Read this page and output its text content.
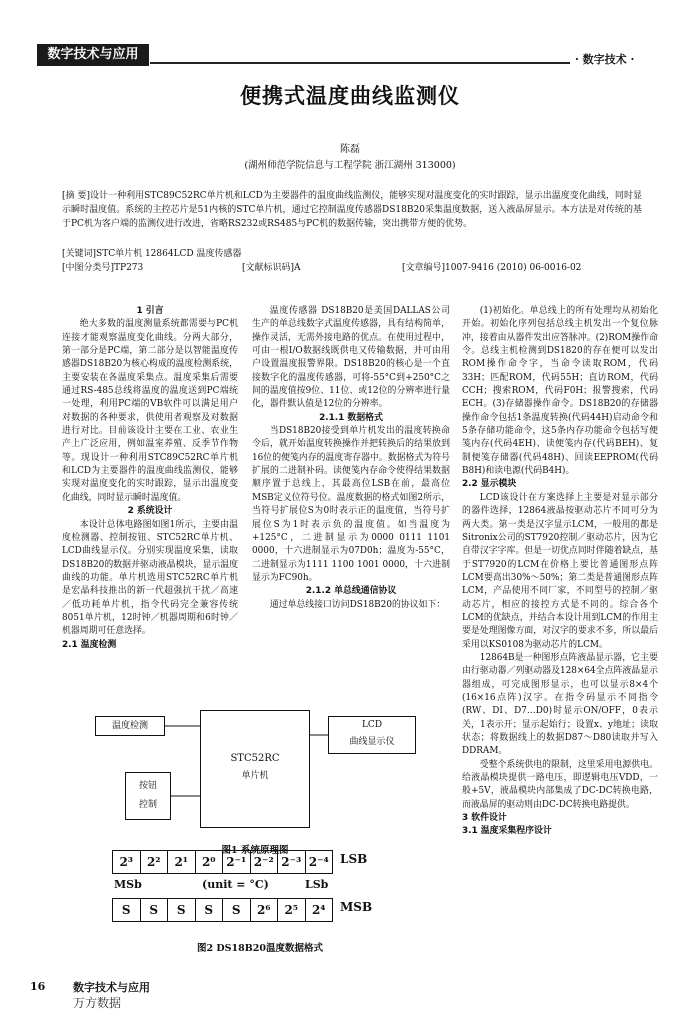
数字技术与应用	· 数字技术 ·
便携式温度曲线监测仪
陈磊
(湖州师范学院信息与工程学院 浙江湖州 313000)
[摘 要]设计一种利用STC89C52RC单片机和LCD为主要器件的温度曲线监测仪，能够实现对温度变化的实时跟踪，显示出温度变化曲线，同时显示瞬时温度值。系统的主控芯片是51内核的STC单片机，通过它控制温度传感器DS18B20采集温度数据，送入液晶屏显示。本方法是对传统的基于PC机为客户端的监测仪进行改进，省略RS232或RS485与PC机的数据传输，突出携带方便的优势。
[关键词]STC单片机 12864LCD 温度传感器
[中图分类号]TP273	[文献标识码]A	[文章编号]1007-9416 (2010) 06-0016-02

1 引言

绝大多数的温度测量系统都需要与PC机连接才能观察温度变化曲线。分两大部分，第一部分是PC端，第二部分是以智能温度传感器DS18B20为核心构成的温度检测系统，主要安装在各温度采集点。温度采集后需要通过RS-485总线将温度的温度送到PC端统一处理，利用PC端的VB软件可以满足用户对数据的各种要求，供使用者观察及对数据进行对比。目前该设计主要在工业、农业生产上广泛应用，例如温室养殖、反季节作物等。现设计一种利用STC89C52RC单片机和LCD为主要器件的温度曲线监测仪，能够实现对温度变化的实时跟踪，显示出温度变化曲线，同时显示瞬时温度值。

2 系统设计

本设计总体电路图如图1所示，主要由温度检测器、控制按钮、STC52RC单片机、LCD曲线显示仪。分别实现温度采集，读取DS18B20的数据并驱动液晶模块，显示温度曲线的功能。单片机选用STC52RC单片机是宏晶科技推出的新一代超强抗干扰／高速／低功耗单片机，指令代码完全兼容传统8051单片机，12时钟／机器周期和6时钟／机器周期可任意选择。

2.1 温度检测

温度传感器 DS18B20是美国DALLAS公司生产的单总线数字式温度传感器，具有结构简单，操作灵活，无需外接电路的优点。在使用过程中，可由一根I/O数据线既供电又传输数据，并可由用户设置温度报警界限。DS18B20的核心是一个直接数字化的温度传感器，可将-55°C到+250°C之间的温度值按9位、11位、或12位的分辨率进行量化，器件默认值是12位的分辨率。

2.1.1 数据格式

当DS18B20接受到单片机发出的温度转换命令后，就开始温度转换操作并把转换后的结果放到16位的便笺内存的温度寄存器中。数据格式为符号扩展的二进制补码。读便笺内存命令使得结果数据顺序置于总线上，其最高位LSB在前，最高位MSB定义位符号位。温度数据的格式如图2所示，当符号扩展位S为0时表示正的温度值，当符号扩展位S为1时表示负的温度值。如当温度为+125°C，二进制显示为0000 0111 1101 0000，十六进制显示为07D0h；温度为-55°C，二进制显示为1111 1100 1001 0000，十六进制显示为FC90h。

2.1.2 单总线通信协议

通过单总线接口访问DS18B20的协议如下：

(1)初始化。单总线上的所有处理均从初始化开始。初始化序列包括总线主机发出一个复位脉冲，接着由从器件发出应答脉冲。(2)ROM操作命令。总线主机检测到DS1820的存在便可以发出ROM操作命令字，当命令读取ROM，代码33H；匹配ROM，代码55H；直访ROM，代码CCH；搜索ROM，代码F0H；报警搜索，代码ECH。(3)存储器操作命令。DS18B20的存储器操作命令包括1条温度转换(代码44H)启动命令和5条存储功能命令，这5条内存功能命令包括写便笺内存(代码4EH)、读便笺内存(代码BEH)、复制便笺存储器(代码48H)、回读EEPROM(代码B8H)和读电源(代码B4H)。

2.2 显示模块

LCD该设计在方案选择上主要是对显示部分的器件选择，12864液晶按驱动芯片不同可分为两大类。第一类是汉字显示LCM，一般用的都是Sitronix公司的ST7920控制／驱动芯片，因为它自带汉字字库。但是一切优点同时伴随着缺点，基于ST7920的LCM在价格上要比普通图形点阵LCM要高出30%～50%；第二类是普通图形点阵LCM，产品使用不同厂家，不同型号的控制／驱动芯片，相应的接控方式是不同的。综合各个LCM的优缺点，并结合本设计用到LCM的作用主要是处理图像方面，对汉字的要求不多，所以最后采用以KS0108为驱动芯片的LCM。

12864B是一种图形点阵液晶显示器，它主要由行驱动器／列驱动器及128×64全点阵液晶显示器组成，可完成图形显示，也可以显示8×4个(16×16点阵)汉字。在指令码显示不同指令(RW、DI、D7…D0)时显示ON/OFF，0表示关，1表示开；显示起始行；设置x、y地址；读取状态；将数据线上的数据D87～D80读取并写入DDRAM。

受整个系统供电的限制，这里采用电源供电。给液晶模块提供一路电压，即逻辑电压VDD，一般+5V，液晶模块内部集成了DC-DC转换电路，而液晶屏的驱动则由DC-DC转换电路提供。

3 软件设计

3.1 温度采集程序设计

温度检测
STC52RC
单片机
LCD
曲线显示仪
按钮
控制
图1 系统原理图
2³	2²	2¹	2⁰ 2⁻¹ 2⁻² 2⁻³ 2⁻⁴ LSB
MSb	(unit = °C)	LSb
S	S	S	S	S	2⁶	2⁵	2⁴	MSB
图2 DS18B20温度数据格式
16	数字技术与应用
万方数据
